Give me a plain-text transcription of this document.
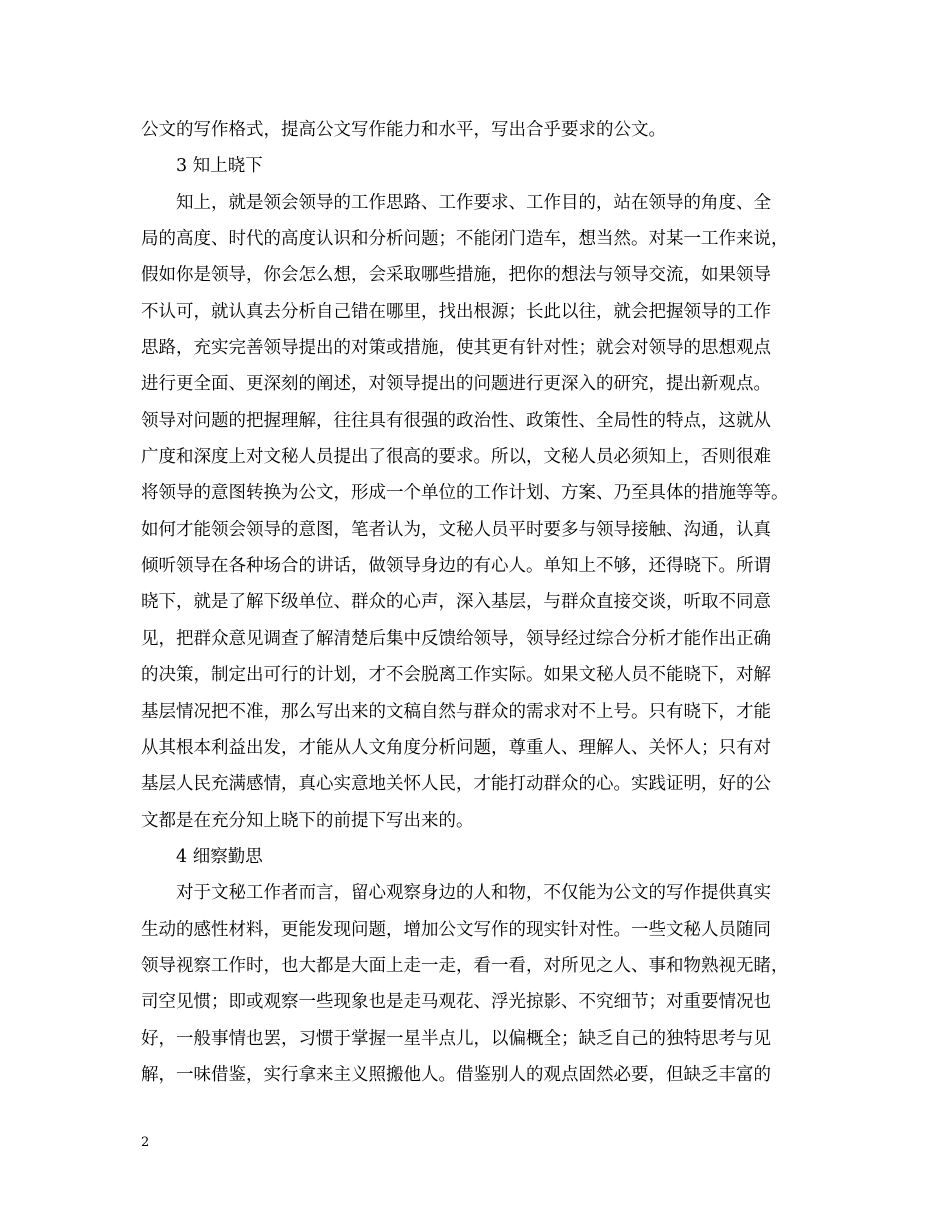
公文的写作格式，提高公文写作能力和水平，写出合乎要求的公文。
3 知上晓下
知上，就是领会领导的工作思路、工作要求、工作目的，站在领导的角度、全
局的高度、时代的高度认识和分析问题；不能闭门造车，想当然。对某一工作来说，
假如你是领导，你会怎么想，会采取哪些措施，把你的想法与领导交流，如果领导
不认可，就认真去分析自己错在哪里，找出根源；长此以往，就会把握领导的工作
思路，充实完善领导提出的对策或措施，使其更有针对性；就会对领导的思想观点
进行更全面、更深刻的阐述，对领导提出的问题进行更深入的研究，提出新观点。
领导对问题的把握理解，往往具有很强的政治性、政策性、全局性的特点，这就从
广度和深度上对文秘人员提出了很高的要求。所以，文秘人员必须知上，否则很难
将领导的意图转换为公文，形成一个单位的工作计划、方案、乃至具体的措施等等。
如何才能领会领导的意图，笔者认为，文秘人员平时要多与领导接触、沟通，认真
倾听领导在各种场合的讲话，做领导身边的有心人。单知上不够，还得晓下。所谓
晓下，就是了解下级单位、群众的心声，深入基层，与群众直接交谈，听取不同意
见，把群众意见调查了解清楚后集中反馈给领导，领导经过综合分析才能作出正确
的决策，制定出可行的计划，才不会脱离工作实际。如果文秘人员不能晓下，对解
基层情况把不准，那么写出来的文稿自然与群众的需求对不上号。只有晓下，才能
从其根本利益出发，才能从人文角度分析问题，尊重人、理解人、关怀人；只有对
基层人民充满感情，真心实意地关怀人民，才能打动群众的心。实践证明，好的公
文都是在充分知上晓下的前提下写出来的。
4 细察勤思
对于文秘工作者而言，留心观察身边的人和物，不仅能为公文的写作提供真实
生动的感性材料，更能发现问题，增加公文写作的现实针对性。一些文秘人员随同
领导视察工作时，也大都是大面上走一走，看一看，对所见之人、事和物熟视无睹，
司空见惯；即或观察一些现象也是走马观花、浮光掠影、不究细节；对重要情况也
好，一般事情也罢，习惯于掌握一星半点儿，以偏概全；缺乏自己的独特思考与见
解，一味借鉴，实行拿来主义照搬他人。借鉴别人的观点固然必要，但缺乏丰富的
2
